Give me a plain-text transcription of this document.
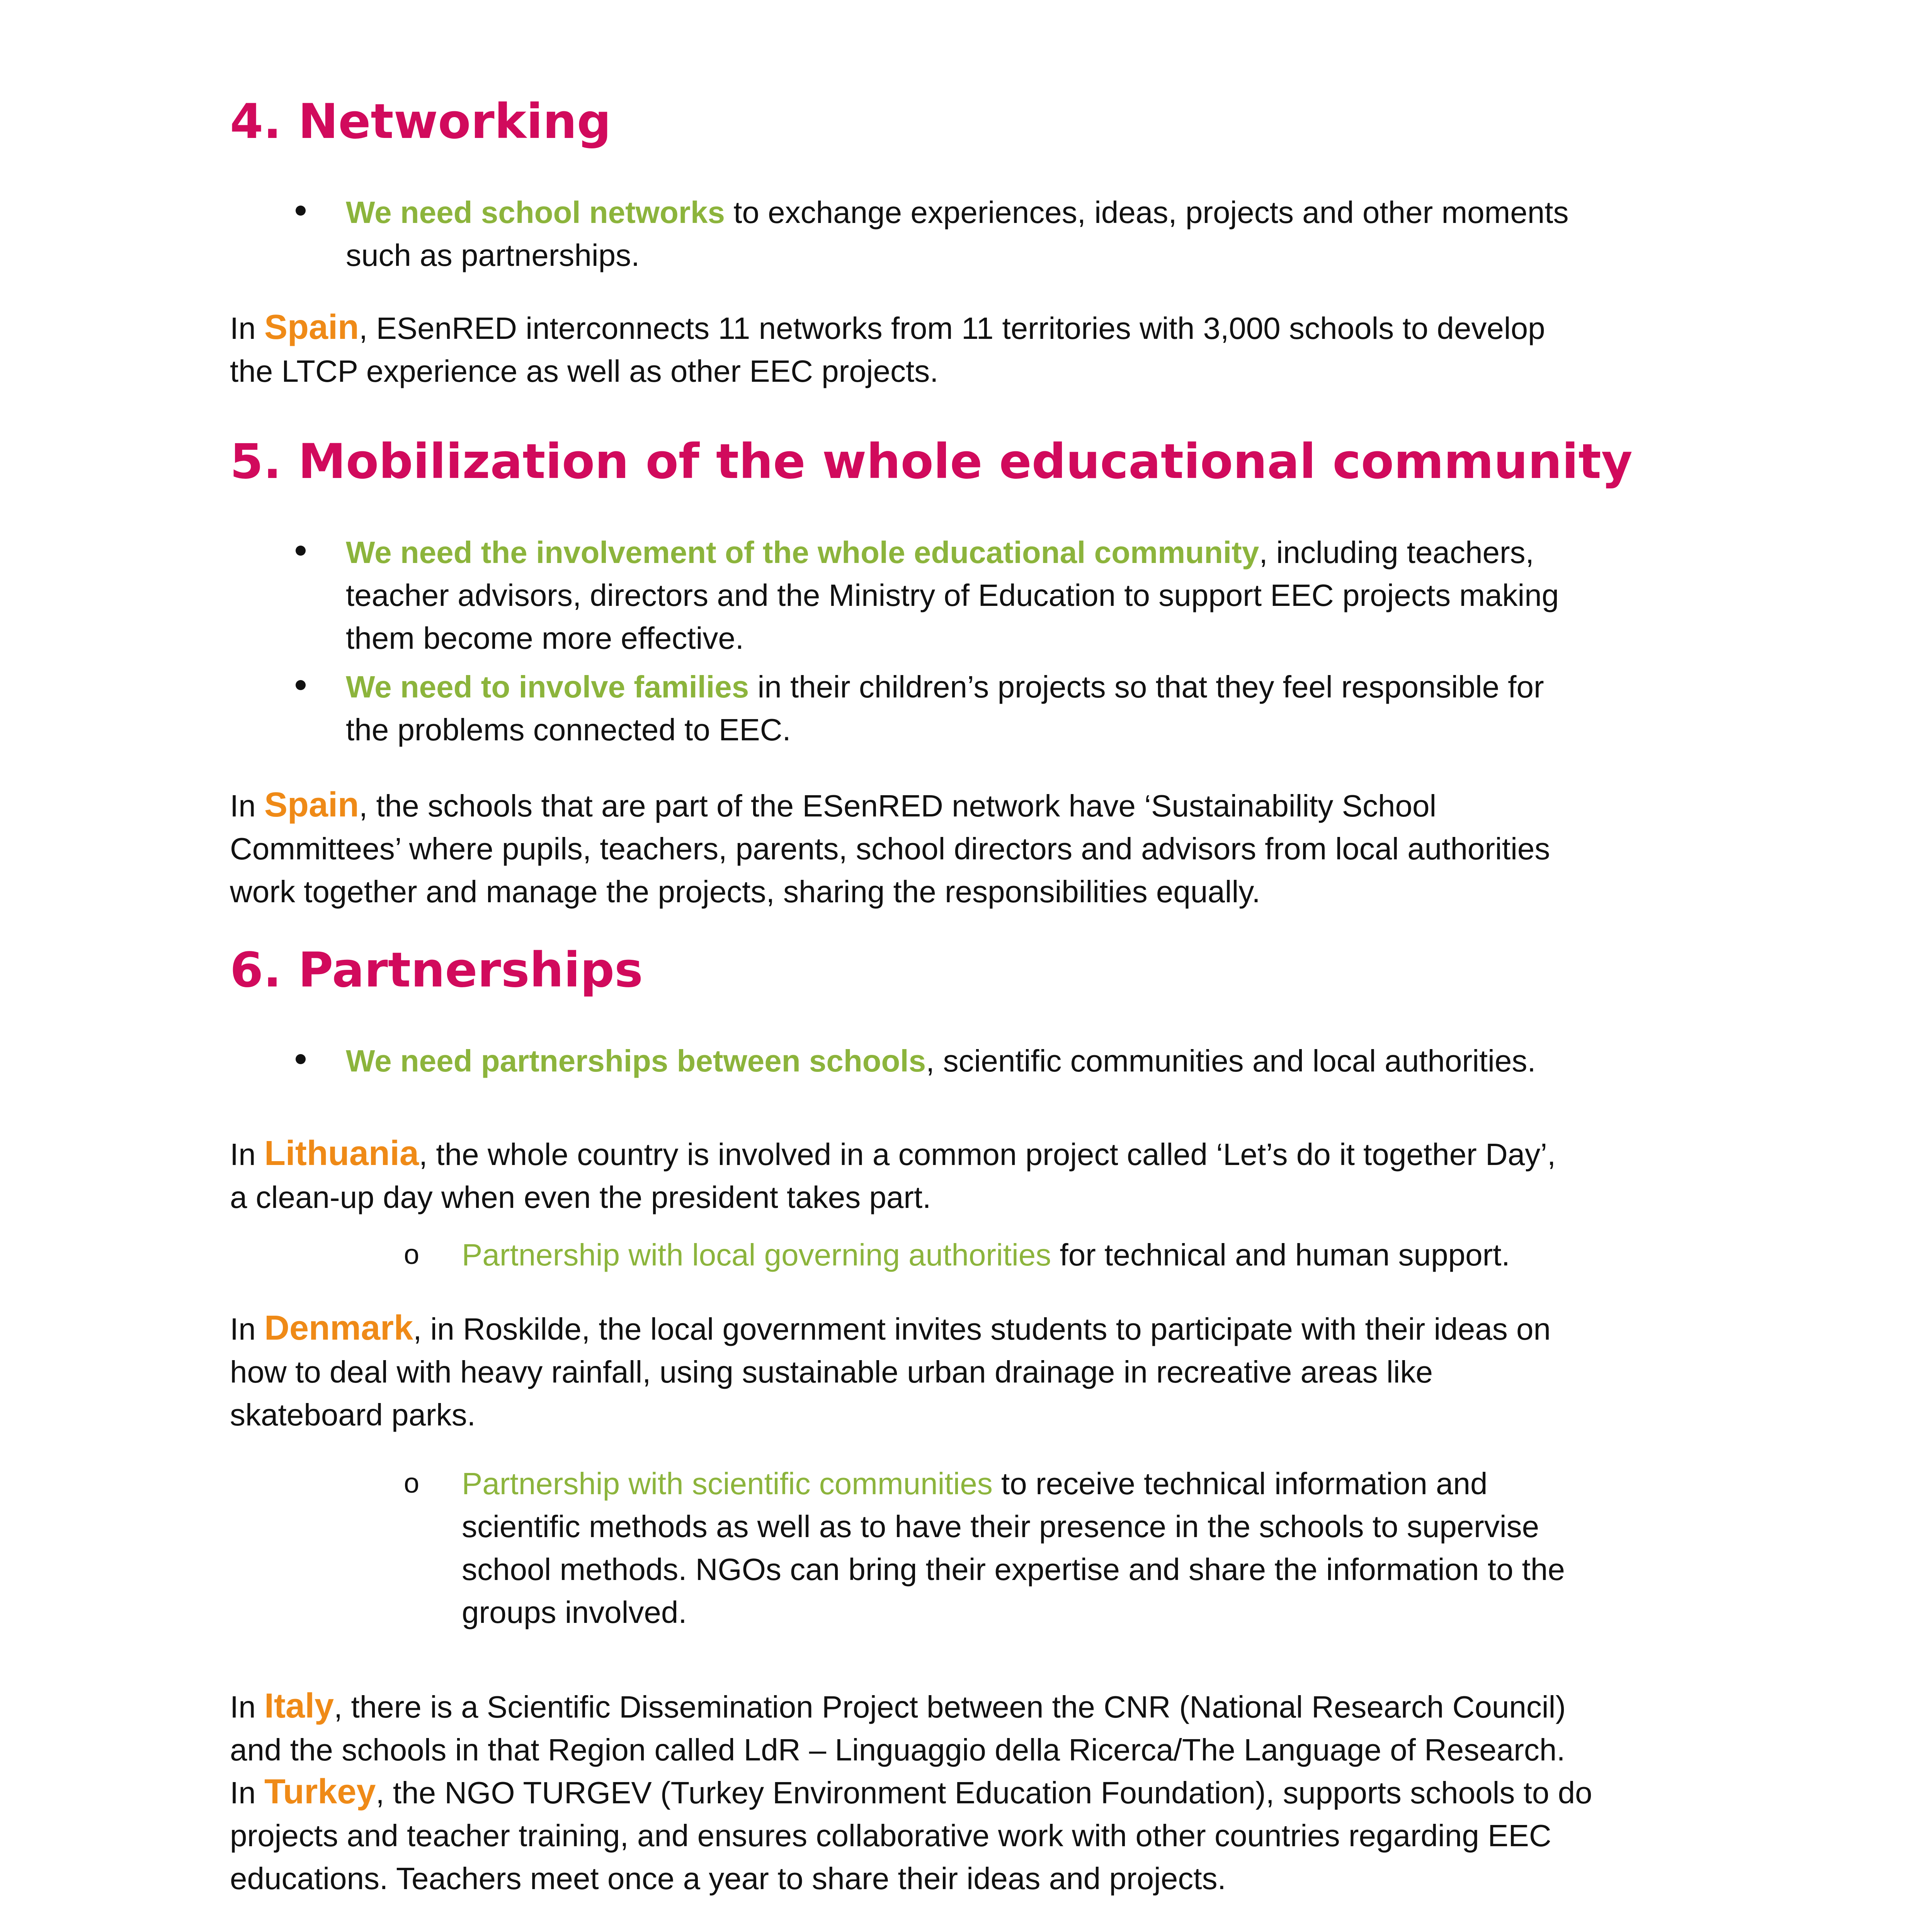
4. Networking

We need school networks to exchange experiences, ideas, projects and other moments
such as partnerships.

In Spain, ESenRED interconnects 11 networks from 11 territories with 3,000 schools to develop
the LTCP experience as well as other EEC projects.

5. Mobilization of the whole educational community

We need the involvement of the whole educational community, including teachers,
teacher advisors, directors and the Ministry of Education to support EEC projects making
them become more effective.

We need to involve families in their children’s projects so that they feel responsible for
the problems connected to EEC.

In Spain, the schools that are part of the ESenRED network have ‘Sustainability School
Committees’ where pupils, teachers, parents, school directors and advisors from local authorities
work together and manage the projects, sharing the responsibilities equally.

6. Partnerships

We need partnerships between schools, scientific communities and local authorities.

In Lithuania, the whole country is involved in a common project called ‘Let’s do it together Day’,
a clean-up day when even the president takes part.

o Partnership with local governing authorities for technical and human support.

In Denmark, in Roskilde, the local government invites students to participate with their ideas on
how to deal with heavy rainfall, using sustainable urban drainage in recreative areas like
skateboard parks.

o Partnership with scientific communities to receive technical information and
scientific methods as well as to have their presence in the schools to supervise
school methods. NGOs can bring their expertise and share the information to the
groups involved.

In Italy, there is a Scientific Dissemination Project between the CNR (National Research Council)
and the schools in that Region called LdR – Linguaggio della Ricerca/The Language of Research.

In Turkey, the NGO TURGEV (Turkey Environment Education Foundation), supports schools to do
projects and teacher training, and ensures collaborative work with other countries regarding EEC
educations. Teachers meet once a year to share their ideas and projects.
